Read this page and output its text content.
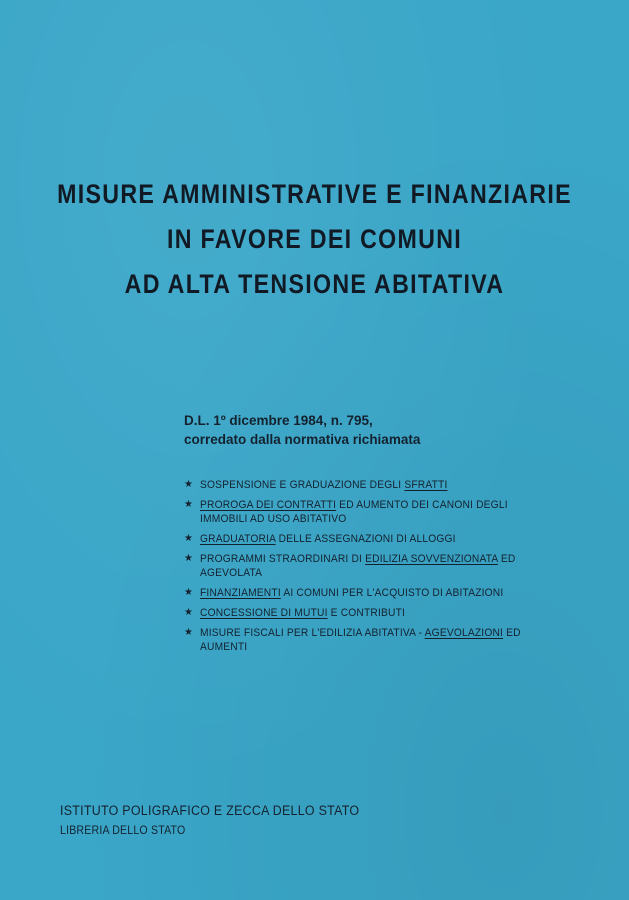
MISURE AMMINISTRATIVE E FINANZIARIE
IN FAVORE DEI COMUNI
AD ALTA TENSIONE ABITATIVA
D.L. 1º dicembre 1984, n. 795,
corredato dalla normativa richiamata
★ SOSPENSIONE E GRADUAZIONE DEGLI SFRATTI
★ PROROGA DEI CONTRATTI ED AUMENTO DEI CANONI DEGLI IMMOBILI AD USO ABITATIVO
★ GRADUATORIA DELLE ASSEGNAZIONI DI ALLOGGI
★ PROGRAMMI STRAORDINARI DI EDILIZIA SOVVENZIONATA ED AGEVOLATA
★ FINANZIAMENTI AI COMUNI PER L'ACQUISTO DI ABITAZIONI
★ CONCESSIONE DI MUTUI E CONTRIBUTI
★ MISURE FISCALI PER L'EDILIZIA ABITATIVA - AGEVOLAZIONI ED AUMENTI
ISTITUTO POLIGRAFICO E ZECCA DELLO STATO
LIBRERIA DELLO STATO
